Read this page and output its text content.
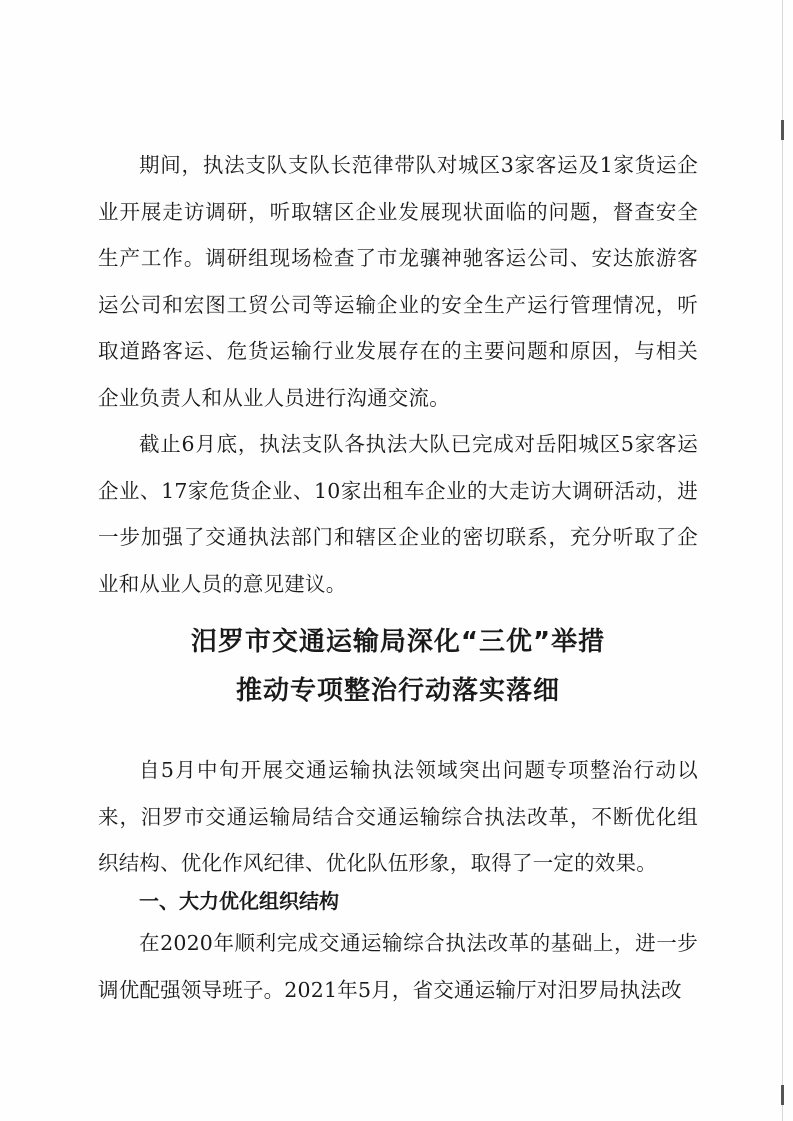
期间，执法支队支队长范律带队对城区3家客运及1家货运企业开展走访调研，听取辖区企业发展现状面临的问题，督查安全生产工作。调研组现场检查了市龙骧神驰客运公司、安达旅游客运公司和宏图工贸公司等运输企业的安全生产运行管理情况，听取道路客运、危货运输行业发展存在的主要问题和原因，与相关企业负责人和从业人员进行沟通交流。

截止6月底，执法支队各执法大队已完成对岳阳城区5家客运企业、17家危货企业、10家出租车企业的大走访大调研活动，进一步加强了交通执法部门和辖区企业的密切联系，充分听取了企业和从业人员的意见建议。

汨罗市交通运输局深化“三优”举措
推动专项整治行动落实落细

自5月中旬开展交通运输执法领域突出问题专项整治行动以来，汨罗市交通运输局结合交通运输综合执法改革，不断优化组织结构、优化作风纪律、优化队伍形象，取得了一定的效果。

一、大力优化组织结构

在2020年顺利完成交通运输综合执法改革的基础上，进一步调优配强领导班子。2021年5月，省交通运输厅对汨罗局执法改
